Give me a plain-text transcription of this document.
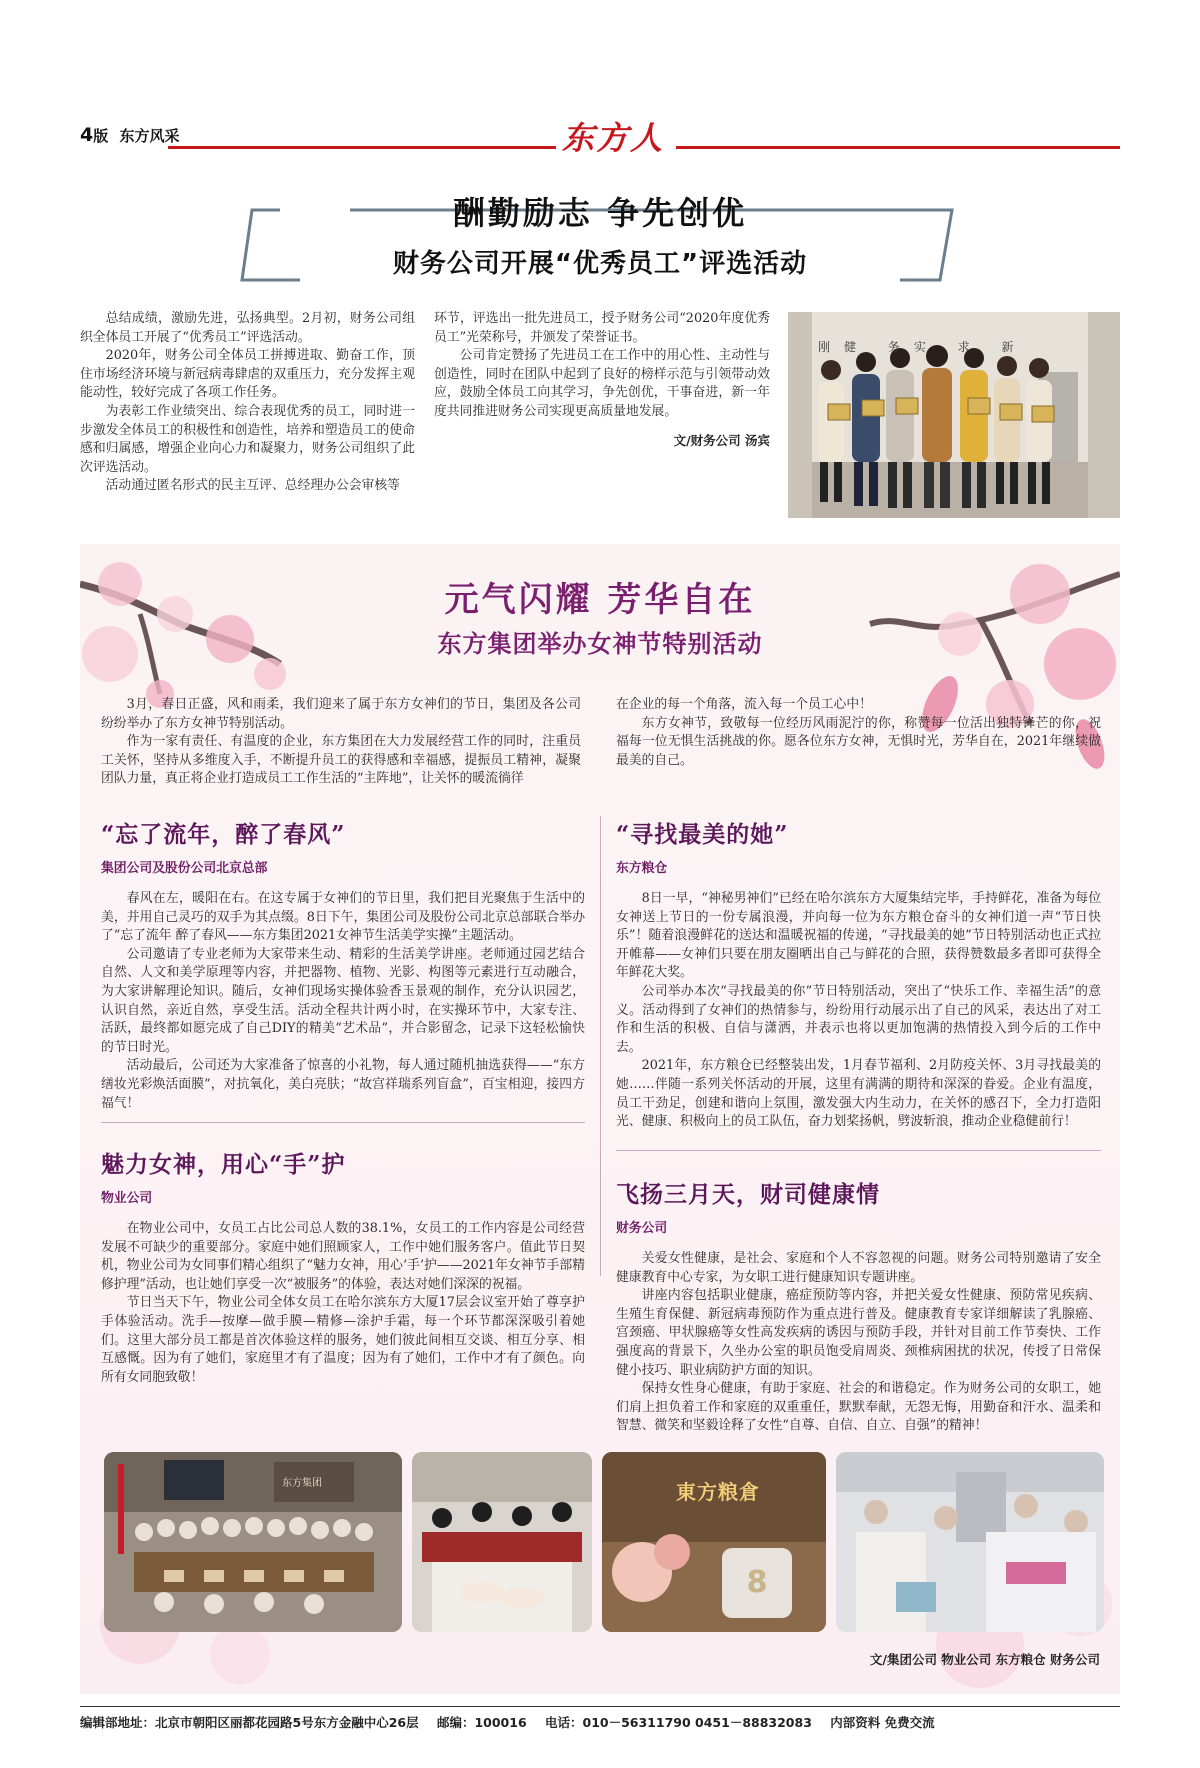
4版 东方风采	东方人
酬勤励志 争先创优
财务公司开展“优秀员工”评选活动

总结成绩，激励先进，弘扬典型。2月初，财务公司组织全体员工开展了“优秀员工”评选活动。

2020年，财务公司全体员工拼搏进取、勤奋工作，顶住市场经济环境与新冠病毒肆虐的双重压力，充分发挥主观能动性，较好完成了各项工作任务。

为表彰工作业绩突出、综合表现优秀的员工，同时进一步激发全体员工的积极性和创造性，培养和塑造员工的使命感和归属感，增强企业向心力和凝聚力，财务公司组织了此次评选活动。

活动通过匿名形式的民主互评、总经理办公会审核等

环节，评选出一批先进员工，授予财务公司“2020年度优秀员工”光荣称号，并颁发了荣誉证书。

公司肯定赞扬了先进员工在工作中的用心性、主动性与创造性，同时在团队中起到了良好的榜样示范与引领带动效应，鼓励全体员工向其学习，争先创优，干事奋进，新一年度共同推进财务公司实现更高质量地发展。

文/财务公司 汤宾
刚健 务实 求 新
元气闪耀 芳华自在
东方集团举办女神节特别活动

3月，春日正盛，风和雨柔，我们迎来了属于东方女神们的节日，集团及各公司纷纷举办了东方女神节特别活动。

作为一家有责任、有温度的企业，东方集团在大力发展经营工作的同时，注重员工关怀，坚持从多维度入手，不断提升员工的获得感和幸福感，提振员工精神，凝聚团队力量，真正将企业打造成员工工作生活的“主阵地”，让关怀的暖流徜徉

在企业的每一个角落，流入每一个员工心中！

东方女神节，致敬每一位经历风雨泥泞的你，称赞每一位活出独特锋芒的你，祝福每一位无惧生活挑战的你。愿各位东方女神，无惧时光，芳华自在，2021年继续做最美的自己。

“忘了流年，醉了春风”
集团公司及股份公司北京总部

春风在左，暖阳在右。在这专属于女神们的节日里，我们把目光聚焦于生活中的美，并用自己灵巧的双手为其点缀。8日下午，集团公司及股份公司北京总部联合举办了“忘了流年 醉了春风——东方集团2021女神节生活美学实操”主题活动。

公司邀请了专业老师为大家带来生动、精彩的生活美学讲座。老师通过园艺结合自然、人文和美学原理等内容，并把器物、植物、光影、构图等元素进行互动融合，为大家讲解理论知识。随后，女神们现场实操体验香玉景观的制作，充分认识园艺，认识自然，亲近自然，享受生活。活动全程共计两小时，在实操环节中，大家专注、活跃，最终都如愿完成了自己DIY的精美“艺术品”，并合影留念，记录下这轻松愉快的节日时光。

活动最后，公司还为大家准备了惊喜的小礼物，每人通过随机抽选获得——“东方缮妆光彩焕活面膜”，对抗氧化，美白亮肤；“故宫祥瑞系列盲盒”，百宝相迎，接四方福气！

“寻找最美的她”
东方粮仓

8日一早，“神秘男神们”已经在哈尔滨东方大厦集结完毕，手持鲜花，准备为每位女神送上节日的一份专属浪漫，并向每一位为东方粮仓奋斗的女神们道一声“节日快乐”！随着浪漫鲜花的送达和温暖祝福的传递，“寻找最美的她”节日特别活动也正式拉开帷幕——女神们只要在朋友圈晒出自己与鲜花的合照，获得赞数最多者即可获得全年鲜花大奖。

公司举办本次“寻找最美的你”节日特别活动，突出了“快乐工作、幸福生活”的意义。活动得到了女神们的热情参与，纷纷用行动展示出了自己的风采，表达出了对工作和生活的积极、自信与潇洒，并表示也将以更加饱满的热情投入到今后的工作中去。

2021年，东方粮仓已经整装出发，1月春节福利、2月防疫关怀、3月寻找最美的她……伴随一系列关怀活动的开展，这里有满满的期待和深深的眷爱。企业有温度，员工干劲足，创建和谐向上氛围，激发强大内生动力，在关怀的感召下，全力打造阳光、健康、积极向上的员工队伍，奋力划桨扬帆，劈波斩浪，推动企业稳健前行！

魅力女神，用心“手”护
物业公司

在物业公司中，女员工占比公司总人数的38.1%，女员工的工作内容是公司经营发展不可缺少的重要部分。家庭中她们照顾家人，工作中她们服务客户。值此节日契机，物业公司为女同事们精心组织了“魅力女神，用心‘手’护——2021年女神节手部精修护理”活动，也让她们享受一次“被服务”的体验，表达对她们深深的祝福。

节日当天下午，物业公司全体女员工在哈尔滨东方大厦17层会议室开始了尊享护手体验活动。洗手—按摩—做手膜—精修—涂护手霜，每一个环节都深深吸引着她们。这里大部分员工都是首次体验这样的服务，她们彼此间相互交谈、相互分享、相互感慨。因为有了她们，家庭里才有了温度；因为有了她们，工作中才有了颜色。向所有女同胞致敬！

飞扬三月天，财司健康情
财务公司

关爱女性健康，是社会、家庭和个人不容忽视的问题。财务公司特别邀请了安全健康教育中心专家，为女职工进行健康知识专题讲座。

讲座内容包括职业健康，癌症预防等内容，并把关爱女性健康、预防常见疾病、生殖生育保健、新冠病毒预防作为重点进行普及。健康教育专家详细解读了乳腺癌、宫颈癌、甲状腺癌等女性高发疾病的诱因与预防手段，并针对目前工作节奏快、工作强度高的背景下，久坐办公室的职员饱受肩周炎、颈椎病困扰的状况，传授了日常保健小技巧、职业病防护方面的知识。

保持女性身心健康，有助于家庭、社会的和谐稳定。作为财务公司的女职工，她们肩上担负着工作和家庭的双重重任，默默奉献，无怨无悔，用勤奋和汗水、温柔和智慧、微笑和坚毅诠释了女性“自尊、自信、自立、自强”的精神！

东方集团
8
東方粮倉
文/集团公司 物业公司 东方粮仓 财务公司
编辑部地址：北京市朝阳区丽都花园路5号东方金融中心26层 邮编：100016 电话：010－56311790 0451－88832083 内部资料 免费交流
